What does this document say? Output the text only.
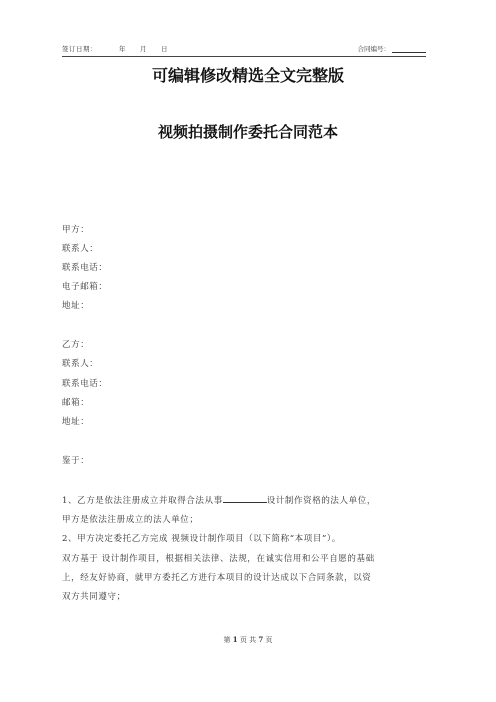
签订日期：	年 月 日	合同编号：
可编辑修改精选全文完整版
视频拍摄制作委托合同范本
甲方：
联系人：
联系电话：
电子邮箱：
地址：
乙方：
联系人：
联系电话：
邮箱：
地址：
鉴于：
1、乙方是依法注册成立并取得合法从事	设计制作资格的法人单位，
甲方是依法注册成立的法人单位；
2、甲方决定委托乙方完成 视频设计制作项目（以下简称“本项目”）。
双方基于 设计制作项目，根据相关法律、法规，在诚实信用和公平自愿的基础
上，经友好协商，就甲方委托乙方进行本项目的设计达成以下合同条款，以资
双方共同遵守；
第 1 页 共 7 页
